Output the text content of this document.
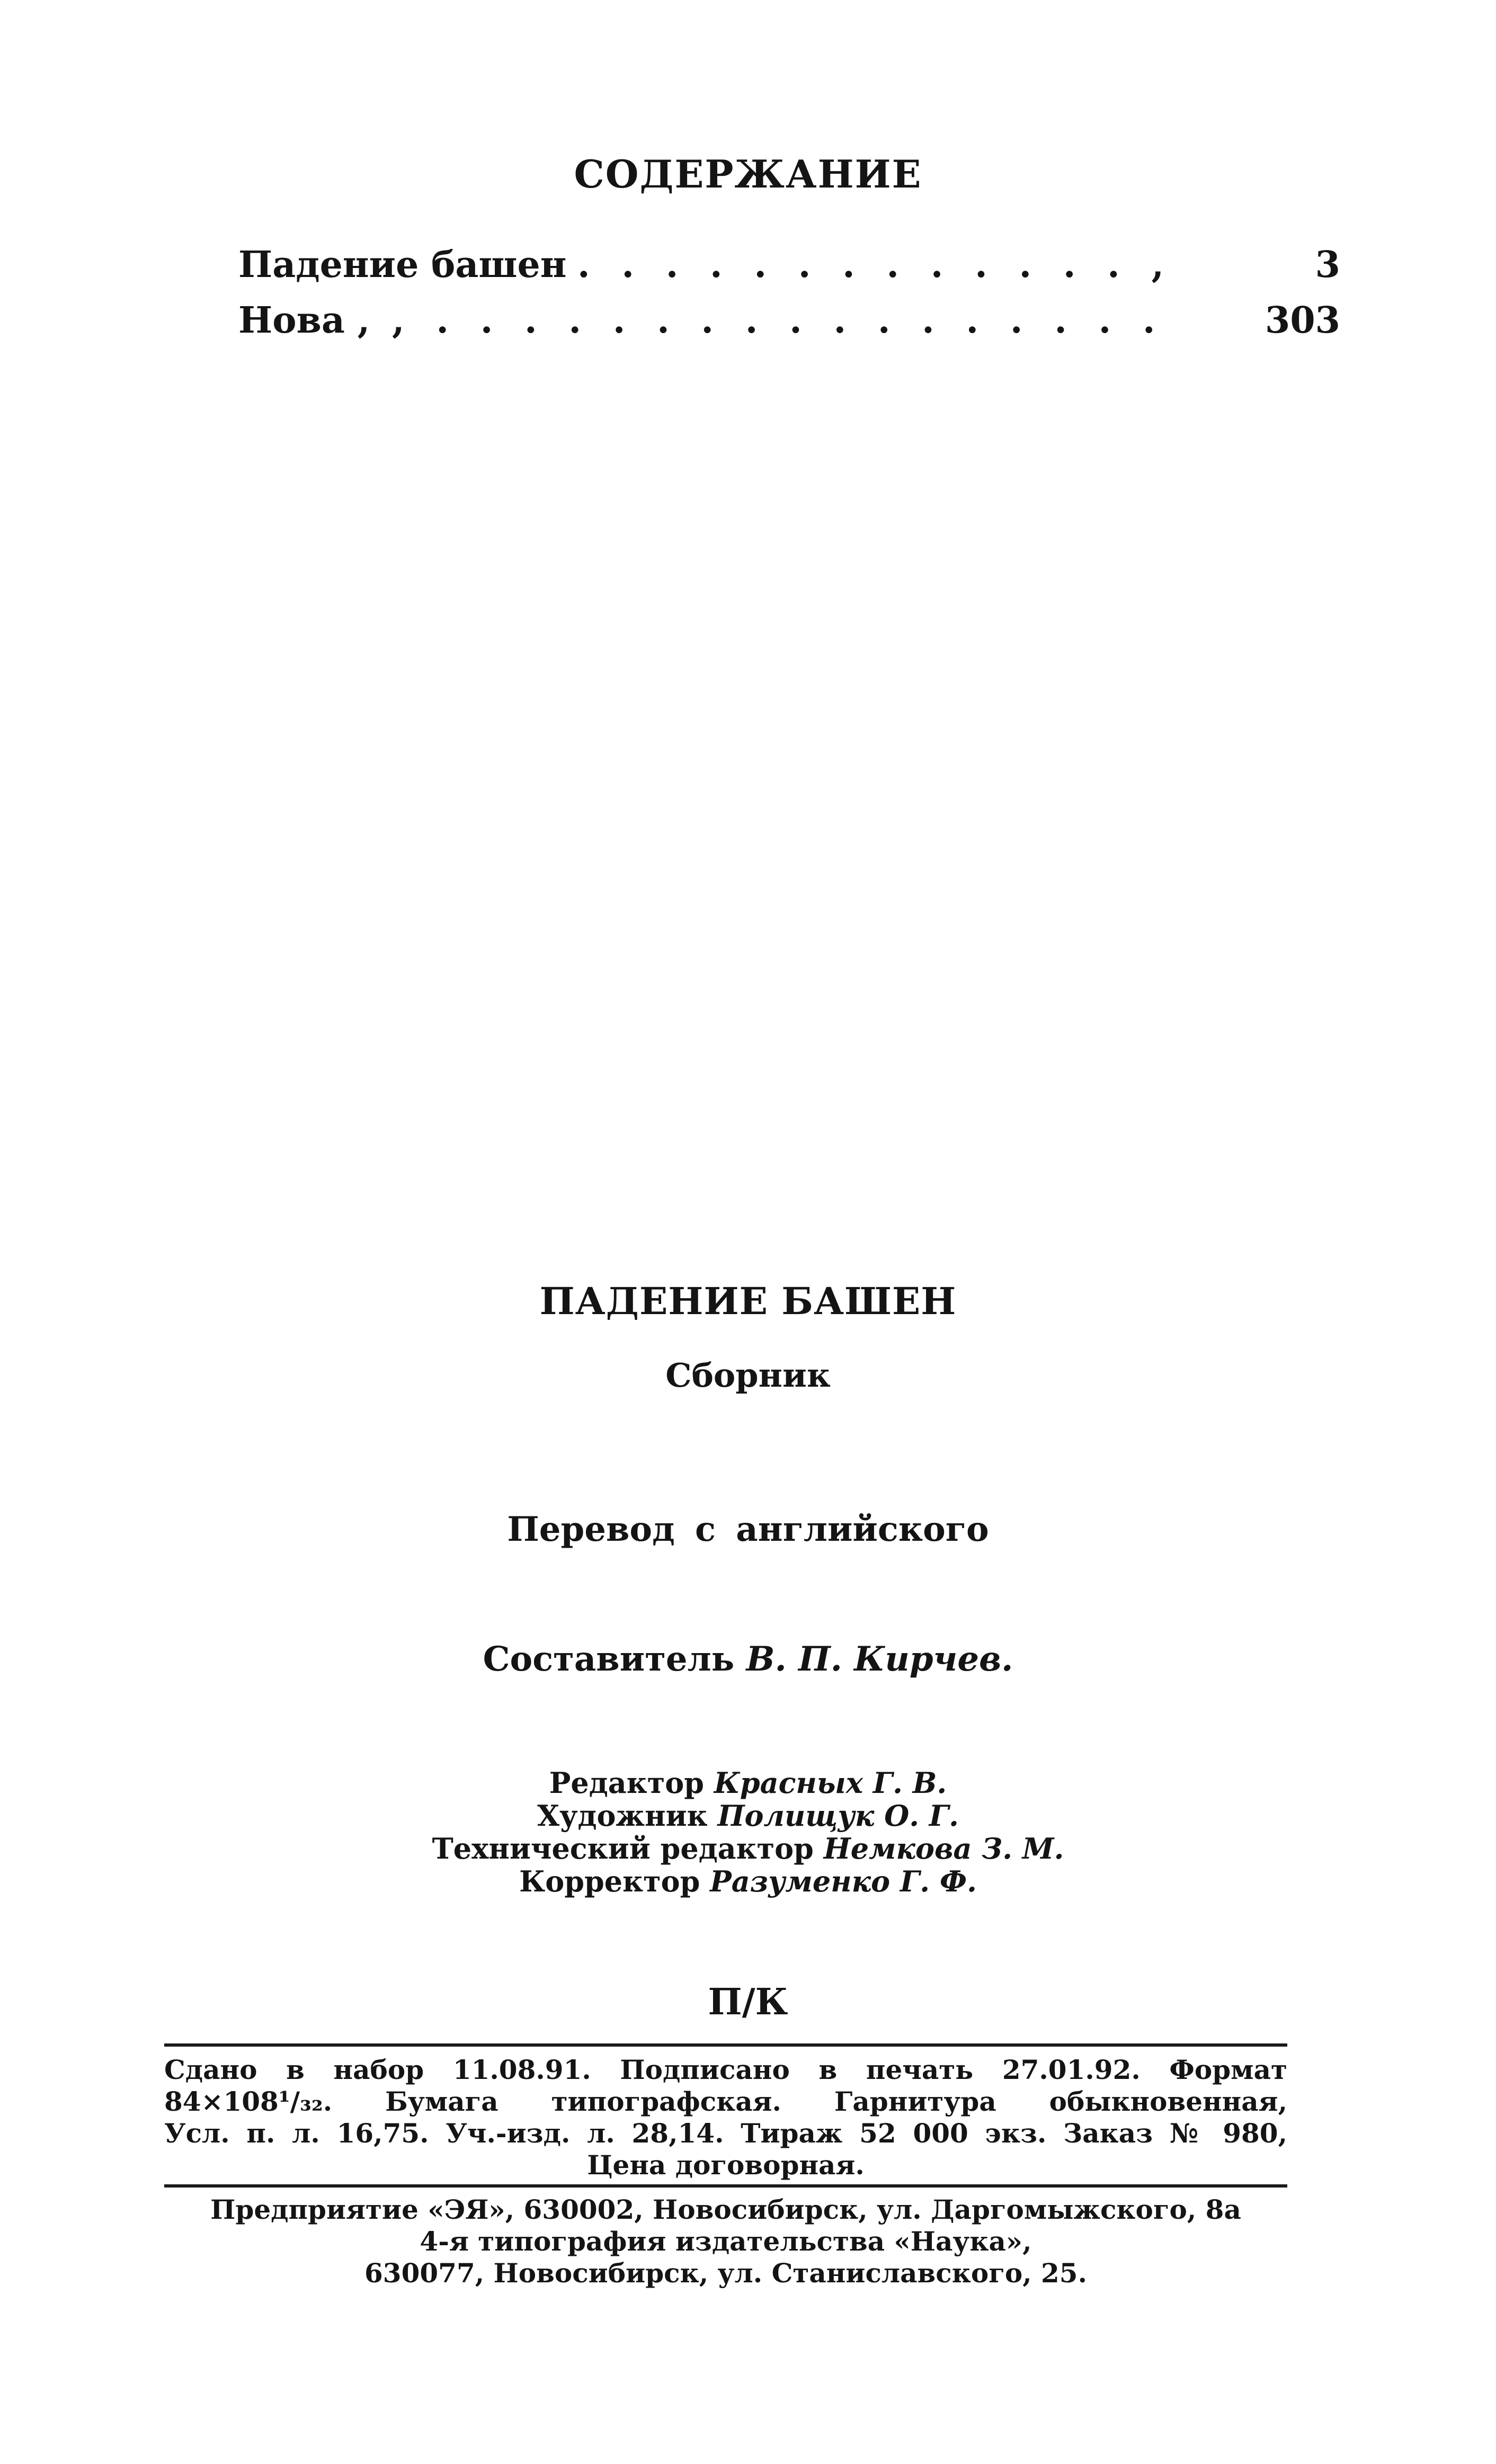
СОДЕРЖАНИЕ
Падение башен . . . . . . . . . . . . . ,	3
Нова , , . . . . . . . . . . . . . . . . .	303
ПАДЕНИЕ БАШЕН
Сборник
Перевод с английского
Составитель В. П. Кирчев.
Редактор Красных Г. В.
Художник Полищук О. Г.
Технический редактор Немкова З. М.
Корректор Разуменко Г. Ф.
П/К
Сдано в набор 11.08.91. Подписано в печать 27.01.92. Формат
84×108¹/₃₂. Бумага типографская. Гарнитура обыкновенная,
Усл. п. л. 16,75. Уч.-изд. л. 28,14. Тираж 52 000 экз. Заказ № 980,
Цена договорная.
Предприятие «ЭЯ», 630002, Новосибирск, ул. Даргомыжского, 8а
4-я типография издательства «Наука»,
630077, Новосибирск, ул. Станиславского, 25.
